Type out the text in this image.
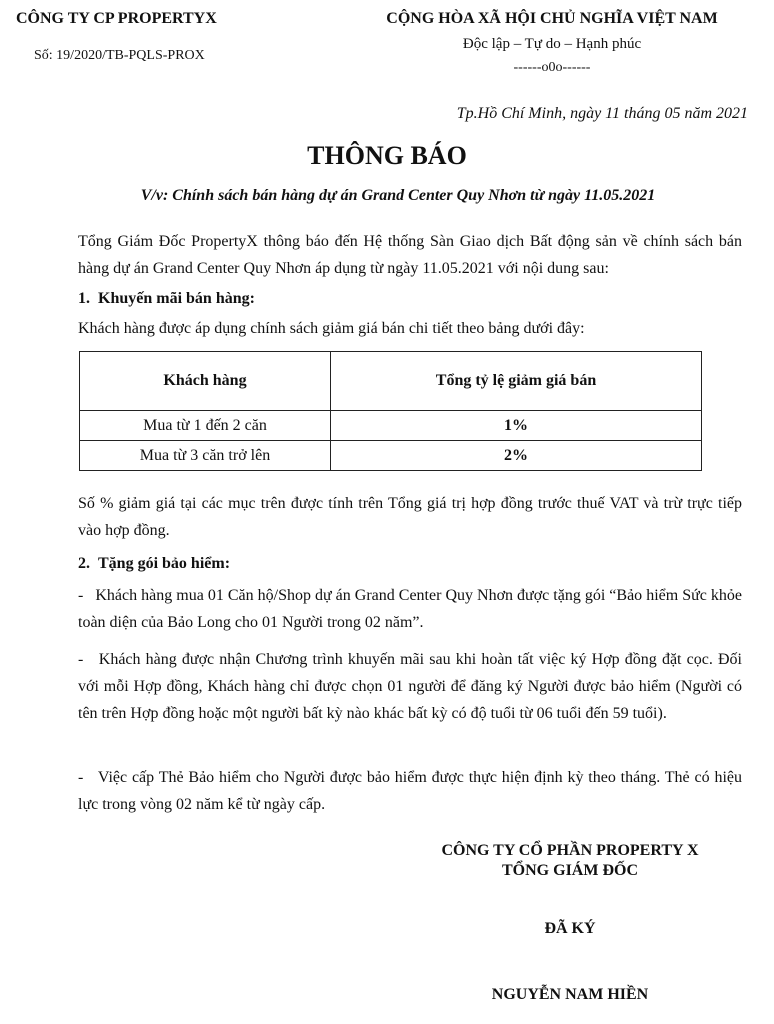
CÔNG TY CP PROPERTYX
Số: 19/2020/TB-PQLS-PROX
CỘNG HÒA XÃ HỘI CHỦ NGHĨA VIỆT NAM
Độc lập – Tự do – Hạnh phúc
------o0o------
Tp.Hồ Chí Minh, ngày 11 tháng 05 năm 2021
THÔNG BÁO
V/v: Chính sách bán hàng dự án Grand Center Quy Nhơn từ ngày 11.05.2021
Tổng Giám Đốc PropertyX thông báo đến Hệ thống Sàn Giao dịch Bất động sản về chính sách bán hàng dự án Grand Center Quy Nhơn áp dụng từ ngày 11.05.2021 với nội dung sau:
1.  Khuyến mãi bán hàng:
Khách hàng được áp dụng chính sách giảm giá bán chi tiết theo bảng dưới đây:
Khách hàng	Tổng tỷ lệ giảm giá bán
Mua từ 1 đến 2 căn	1%
Mua từ 3 căn trở lên	2%
Số % giảm giá tại các mục trên được tính trên Tổng giá trị hợp đồng trước thuế VAT và trừ trực tiếp vào hợp đồng.
2.  Tặng gói bảo hiểm:
-   Khách hàng mua 01 Căn hộ/Shop dự án Grand Center Quy Nhơn được tặng gói “Bảo hiểm Sức khỏe toàn diện của Bảo Long cho 01 Người trong 02 năm”.
-   Khách hàng được nhận Chương trình khuyến mãi sau khi hoàn tất việc ký Hợp đồng đặt cọc. Đối với mỗi Hợp đồng, Khách hàng chỉ được chọn 01 người để đăng ký Người được bảo hiểm (Người có tên trên Hợp đồng hoặc một người bất kỳ nào khác bất kỳ có độ tuổi từ 06 tuổi đến 59 tuổi).
-   Việc cấp Thẻ Bảo hiểm cho Người được bảo hiểm được thực hiện định kỳ theo tháng. Thẻ có hiệu lực trong vòng 02 năm kể từ ngày cấp.
CÔNG TY CỔ PHẦN PROPERTY X
TỔNG GIÁM ĐỐC
ĐÃ KÝ
NGUYỄN NAM HIỀN
